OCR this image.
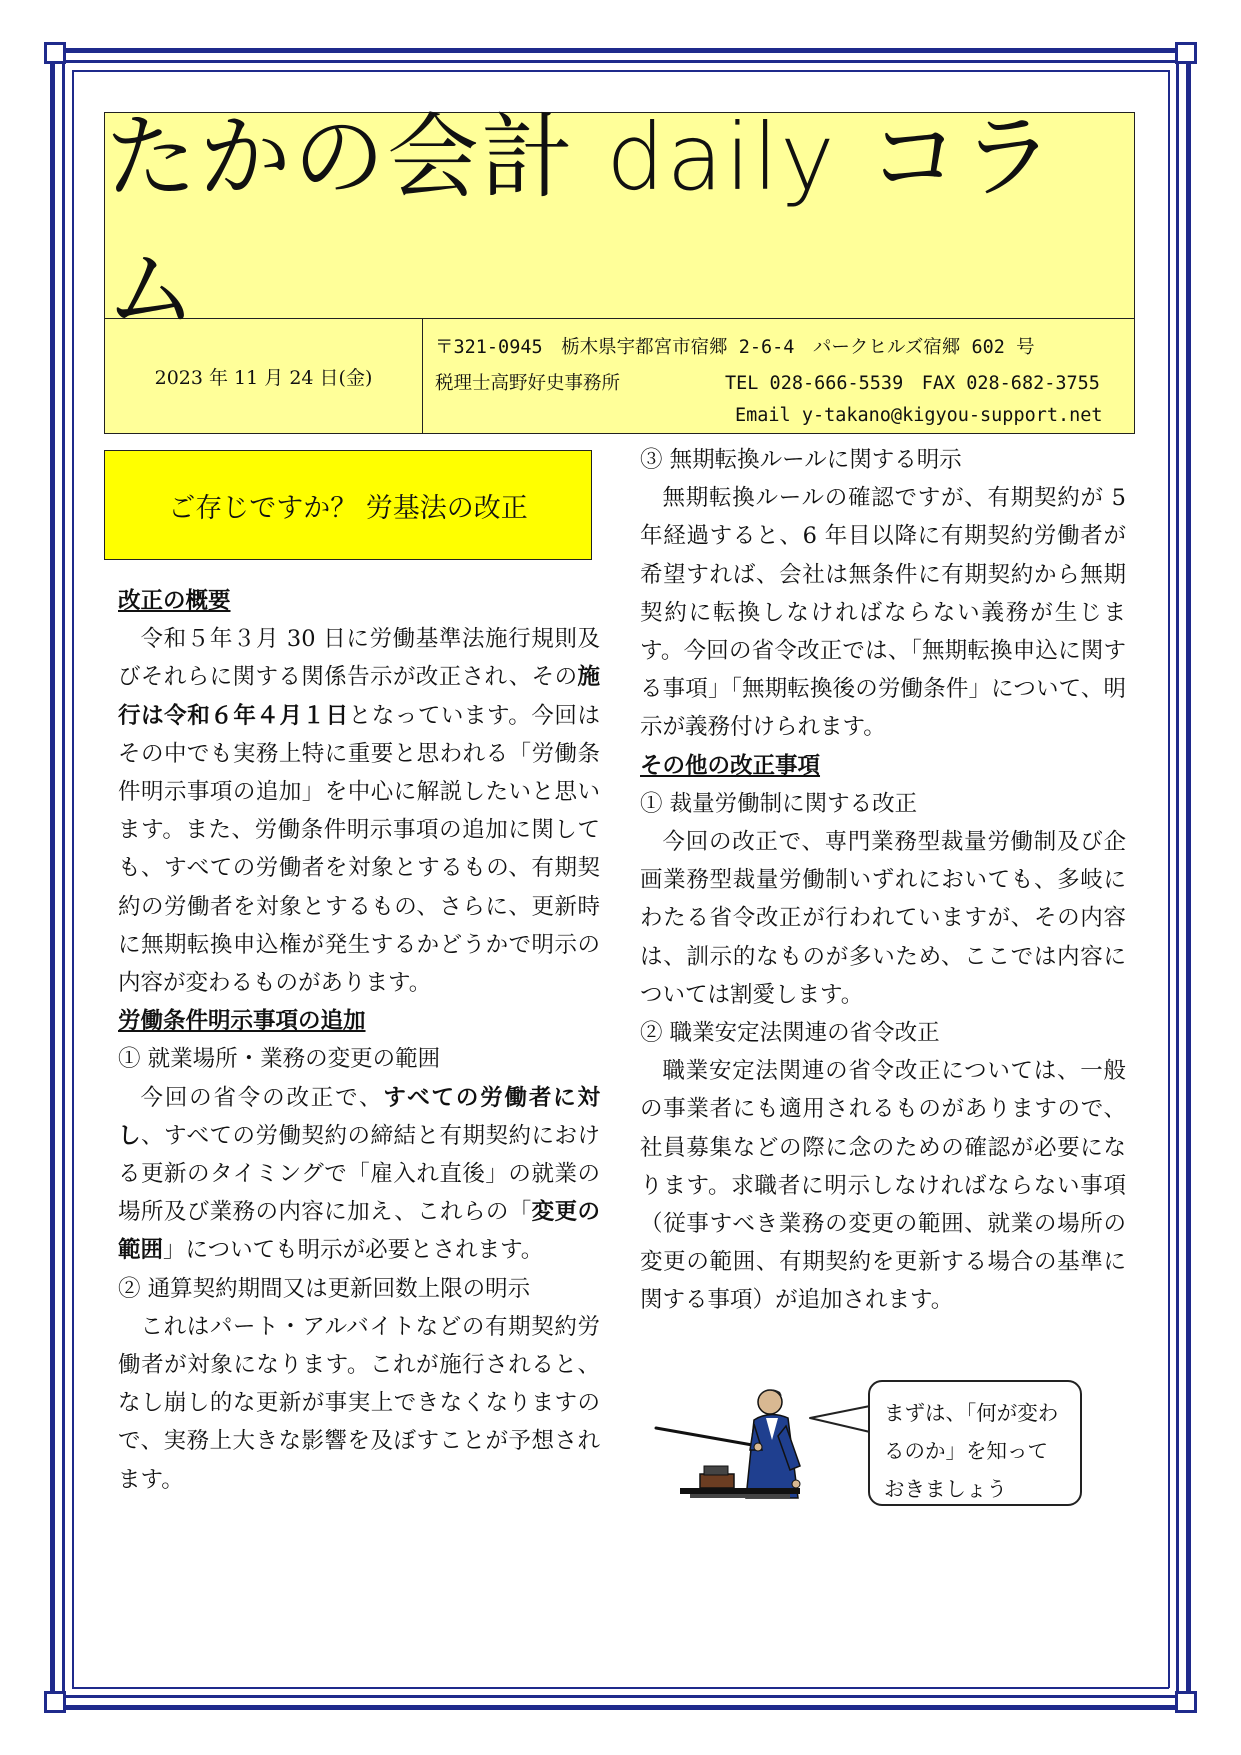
たかの会計 daily コラム
2023 年 11 月 24 日(金)
〒321-0945　栃木県宇都宮市宿郷 2-6-4　パークヒルズ宿郷 602 号
税理士高野好史事務所	TEL 028-666-5539　FAX 028-682-3755
Email y-takano@kigyou-support.net
ご存じですか？ 労基法の改正

改正の概要

令和５年３月 30 日に労働基準法施行規則及びそれらに関する関係告示が改正され、その施行は令和６年４月１日となっています。今回はその中でも実務上特に重要と思われる「労働条件明示事項の追加」を中心に解説したいと思います。また、労働条件明示事項の追加に関しても、すべての労働者を対象とするもの、有期契約の労働者を対象とするもの、さらに、更新時に無期転換申込権が発生するかどうかで明示の内容が変わるものがあります。

労働条件明示事項の追加

① 就業場所・業務の変更の範囲

今回の省令の改正で、すべての労働者に対し、すべての労働契約の締結と有期契約における更新のタイミングで「雇入れ直後」の就業の場所及び業務の内容に加え、これらの「変更の範囲」についても明示が必要とされます。

② 通算契約期間又は更新回数上限の明示

これはパート・アルバイトなどの有期契約労働者が対象になります。これが施行されると、なし崩し的な更新が事実上できなくなりますので、実務上大きな影響を及ぼすことが予想されます。

③ 無期転換ルールに関する明示

無期転換ルールの確認ですが、有期契約が 5 年経過すると、6 年目以降に有期契約労働者が希望すれば、会社は無条件に有期契約から無期契約に転換しなければならない義務が生じます。今回の省令改正では、「無期転換申込に関する事項」「無期転換後の労働条件」について、明示が義務付けられます。

その他の改正事項

① 裁量労働制に関する改正

今回の改正で、専門業務型裁量労働制及び企画業務型裁量労働制いずれにおいても、多岐にわたる省令改正が行われていますが、その内容は、訓示的なものが多いため、ここでは内容については割愛します。

② 職業安定法関連の省令改正

職業安定法関連の省令改正については、一般の事業者にも適用されるものがありますので、社員募集などの際に念のための確認が必要になります。求職者に明示しなければならない事項（従事すべき業務の変更の範囲、就業の場所の変更の範囲、有期契約を更新する場合の基準に関する事項）が追加されます。

まずは、「何が変わるのか」を知っておきましょう
